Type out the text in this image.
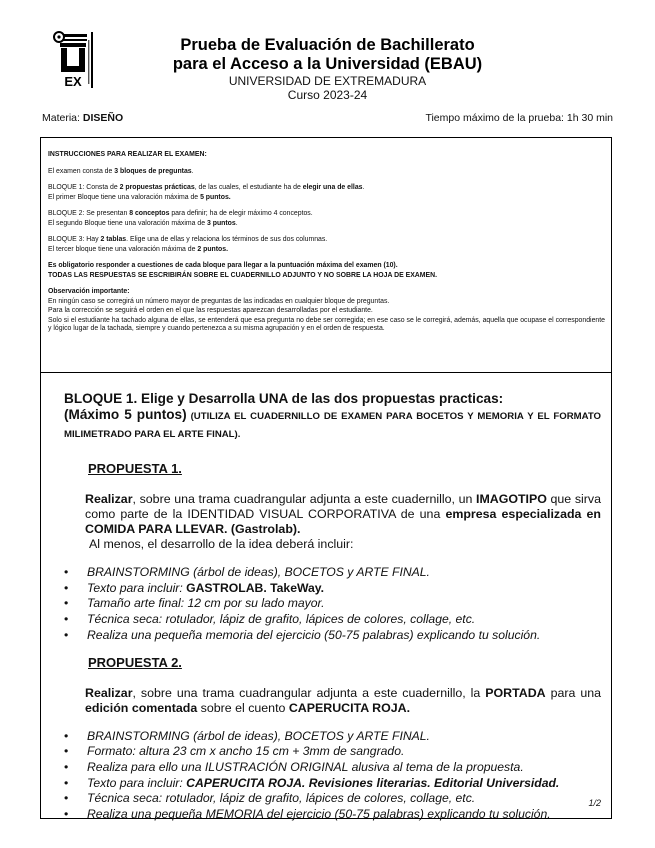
EX
Prueba de Evaluación de Bachillerato
para el Acceso a la Universidad (EBAU)
UNIVERSIDAD DE EXTREMADURA
Curso 2023-24
Materia: DISEÑO	Tiempo máximo de la prueba: 1h 30 min

INSTRUCCIONES PARA REALIZAR EL EXAMEN:

El examen consta de 3 bloques de preguntas.

BLOQUE 1: Consta de 2 propuestas prácticas, de las cuales, el estudiante ha de elegir una de ellas.

El primer Bloque tiene una valoración máxima de 5 puntos.

BLOQUE 2: Se presentan 8 conceptos para definir; ha de elegir máximo 4 conceptos.

El segundo Bloque tiene una valoración máxima de 3 puntos.

BLOQUE 3: Hay 2 tablas. Elige una de ellas y relaciona los términos de sus dos columnas.

El tercer bloque tiene una valoración máxima de 2 puntos.

Es obligatorio responder a cuestiones de cada bloque para llegar a la puntuación máxima del examen (10).

TODAS LAS RESPUESTAS SE ESCRIBIRÁN SOBRE EL CUADERNILLO ADJUNTO Y NO SOBRE LA HOJA DE EXAMEN.

Observación importante:

En ningún caso se corregirá un número mayor de preguntas de las indicadas en cualquier bloque de preguntas.

Para la corrección se seguirá el orden en el que las respuestas aparezcan desarrolladas por el estudiante.

Solo si el estudiante ha tachado alguna de ellas, se entenderá que esa pregunta no debe ser corregida; en ese caso se le corregirá, además, aquella que ocupase el correspondiente y lógico lugar de la tachada, siempre y cuando pertenezca a su misma agrupación y en el orden de respuesta.

BLOQUE 1. Elige y Desarrolla UNA de las dos propuestas practicas:
(Máximo 5 puntos) (UTILIZA EL CUADERNILLO DE EXAMEN PARA BOCETOS Y MEMORIA Y EL FORMATO MILIMETRADO PARA EL ARTE FINAL).
PROPUESTA 1.
Realizar, sobre una trama cuadrangular adjunta a este cuadernillo, un IMAGOTIPO que sirva como parte de la IDENTIDAD VISUAL CORPORATIVA de una empresa especializada en COMIDA PARA LLEVAR. (Gastrolab).
Al menos, el desarrollo de la idea deberá incluir:
• BRAINSTORMING (árbol de ideas), BOCETOS y ARTE FINAL.
• Texto para incluir: GASTROLAB. TakeWay.
• Tamaño arte final: 12 cm por su lado mayor.
• Técnica seca: rotulador, lápiz de grafito, lápices de colores, collage, etc.
• Realiza una pequeña memoria del ejercicio (50-75 palabras) explicando tu solución.
PROPUESTA 2.
Realizar, sobre una trama cuadrangular adjunta a este cuadernillo, la PORTADA para una edición comentada sobre el cuento CAPERUCITA ROJA.
• BRAINSTORMING (árbol de ideas), BOCETOS y ARTE FINAL.
• Formato: altura 23 cm x ancho 15 cm + 3mm de sangrado.
• Realiza para ello una ILUSTRACIÓN ORIGINAL alusiva al tema de la propuesta.
• Texto para incluir: CAPERUCITA ROJA. Revisiones literarias. Editorial Universidad.
• Técnica seca: rotulador, lápiz de grafito, lápices de colores, collage, etc.
• Realiza una pequeña MEMORIA del ejercicio (50-75 palabras) explicando tu solución.
1/2
